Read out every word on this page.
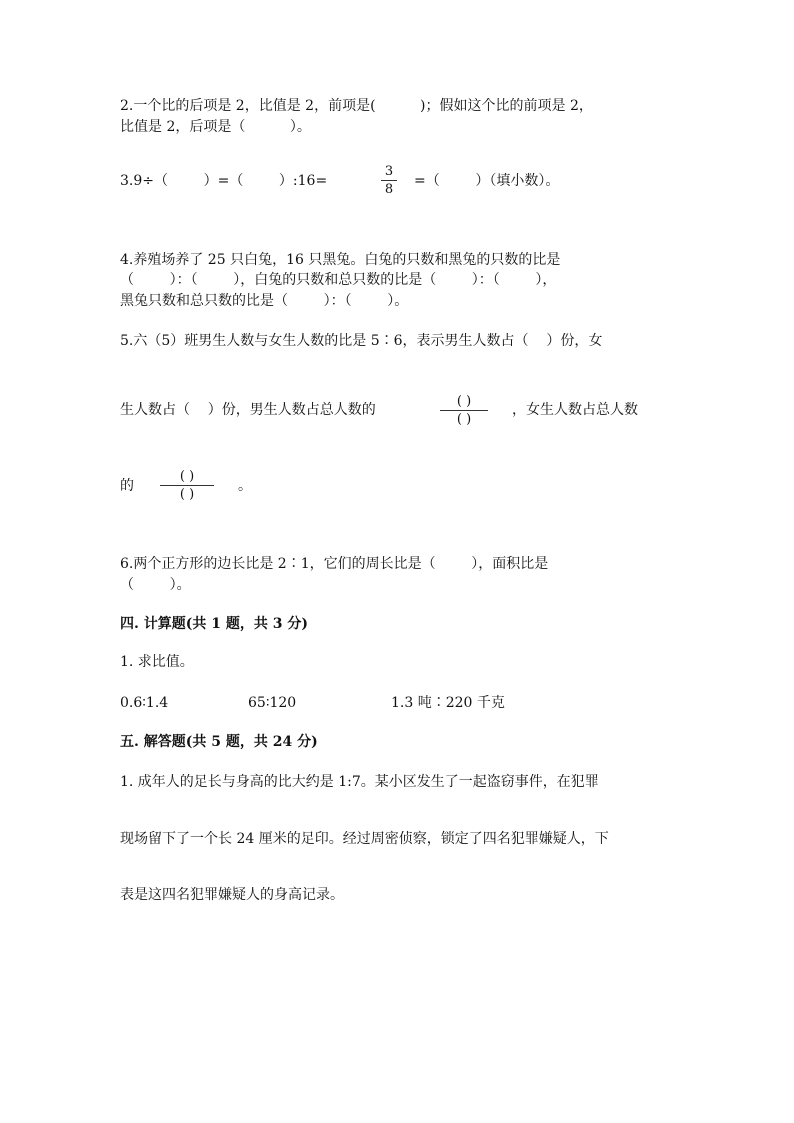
2.一个比的后项是 2，比值是 2，前项是(          )；假如这个比的前项是 2，
比值是 2，后项是（          ）。
3.9÷（        ）=（        ）:16=
3
8
=（        ）（填小数）。
4.养殖场养了 25 只白兔，16 只黑兔。白兔的只数和黑兔的只数的比是
（        ）：（        ），白兔的只数和总只数的比是（        ）：（        ），
黑兔只数和总只数的比是（        ）：（        ）。
5.六（5）班男生人数与女生人数的比是 5∶6，表示男生人数占（    ）份，女
生人数占（    ）份，男生人数占总人数的
( )
( )
，女生人数占总人数
的
( )
( )
。
6.两个正方形的边长比是 2∶1，它们的周长比是（        ），面积比是
（        ）。
四. 计算题(共 1 题，共 3 分)
1. 求比值。
0.6∶1.4	65∶120	1.3 吨∶220 千克
五. 解答题(共 5 题，共 24 分)
1. 成年人的足长与身高的比大约是 1:7。某小区发生了一起盗窃事件，在犯罪
现场留下了一个长 24 厘米的足印。经过周密侦察，锁定了四名犯罪嫌疑人，下
表是这四名犯罪嫌疑人的身高记录。
